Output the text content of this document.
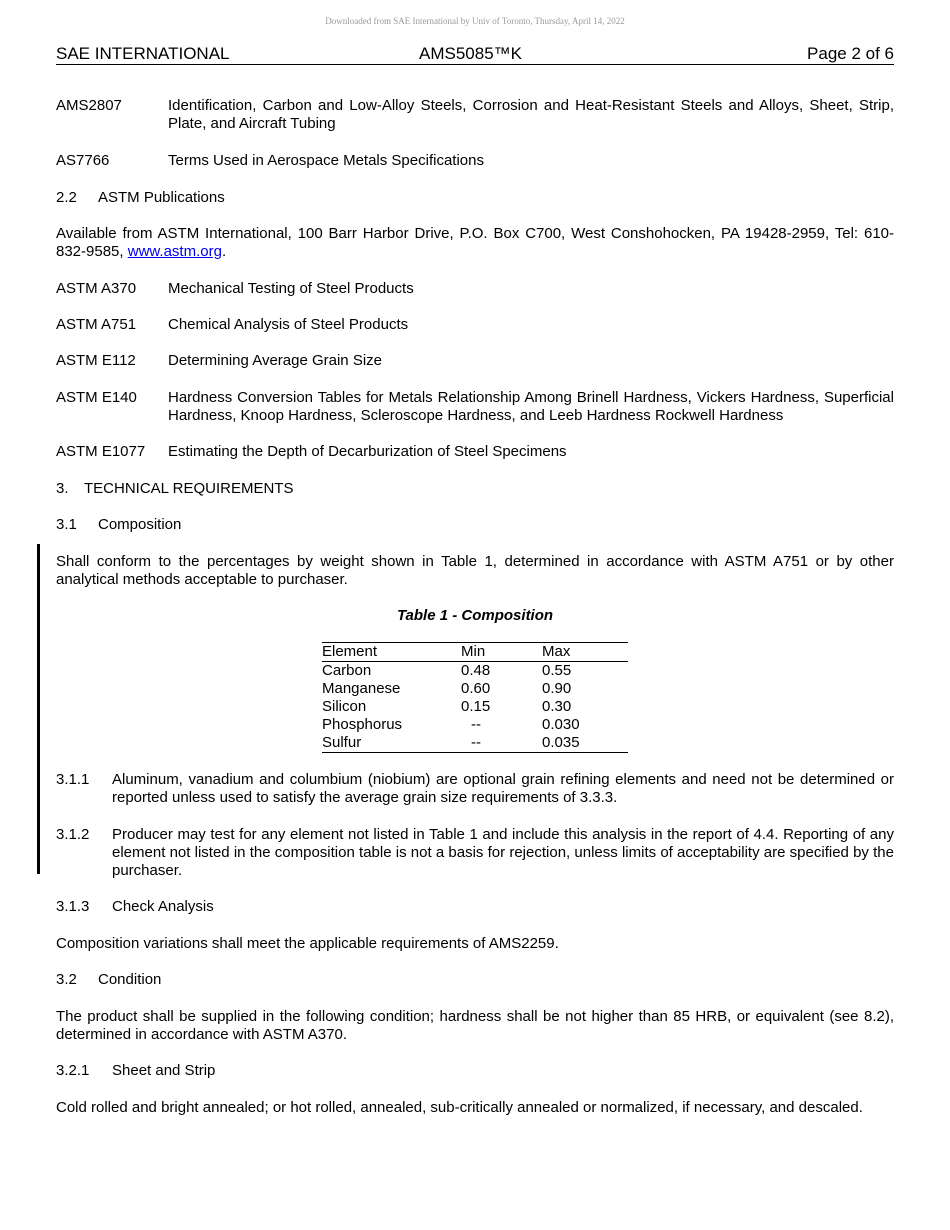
Downloaded from SAE International by Univ of Toronto, Thursday, April 14, 2022
SAE INTERNATIONAL	AMS5085™K	Page 2 of 6
AMS2807	Identification, Carbon and Low-Alloy Steels, Corrosion and Heat-Resistant Steels and Alloys, Sheet, Strip, Plate, and Aircraft Tubing
AS7766	Terms Used in Aerospace Metals Specifications
2.2 ASTM Publications
Available from ASTM International, 100 Barr Harbor Drive, P.O. Box C700, West Conshohocken, PA 19428-2959, Tel: 610-832-9585, www.astm.org.
ASTM A370 Mechanical Testing of Steel Products
ASTM A751 Chemical Analysis of Steel Products
ASTM E112 Determining Average Grain Size
ASTM E140 Hardness Conversion Tables for Metals Relationship Among Brinell Hardness, Vickers Hardness, Superficial Hardness, Knoop Hardness, Scleroscope Hardness, and Leeb Hardness Rockwell Hardness
ASTM E1077 Estimating the Depth of Decarburization of Steel Specimens
3. TECHNICAL REQUIREMENTS
3.1 Composition
Shall conform to the percentages by weight shown in Table 1, determined in accordance with ASTM A751 or by other analytical methods acceptable to purchaser.
Table 1 - Composition
Element	Min	Max
Carbon	0.48	0.55
Manganese	0.60	0.90
Silicon	0.15	0.30
Phosphorus	--	0.030
Sulfur	--	0.035
3.1.1 Aluminum, vanadium and columbium (niobium) are optional grain refining elements and need not be determined or reported unless used to satisfy the average grain size requirements of 3.3.3.
3.1.2 Producer may test for any element not listed in Table 1 and include this analysis in the report of 4.4. Reporting of any element not listed in the composition table is not a basis for rejection, unless limits of acceptability are specified by the purchaser.
3.1.3 Check Analysis
Composition variations shall meet the applicable requirements of AMS2259.
3.2 Condition
The product shall be supplied in the following condition; hardness shall be not higher than 85 HRB, or equivalent (see 8.2), determined in accordance with ASTM A370.
3.2.1 Sheet and Strip
Cold rolled and bright annealed; or hot rolled, annealed, sub-critically annealed or normalized, if necessary, and descaled.
